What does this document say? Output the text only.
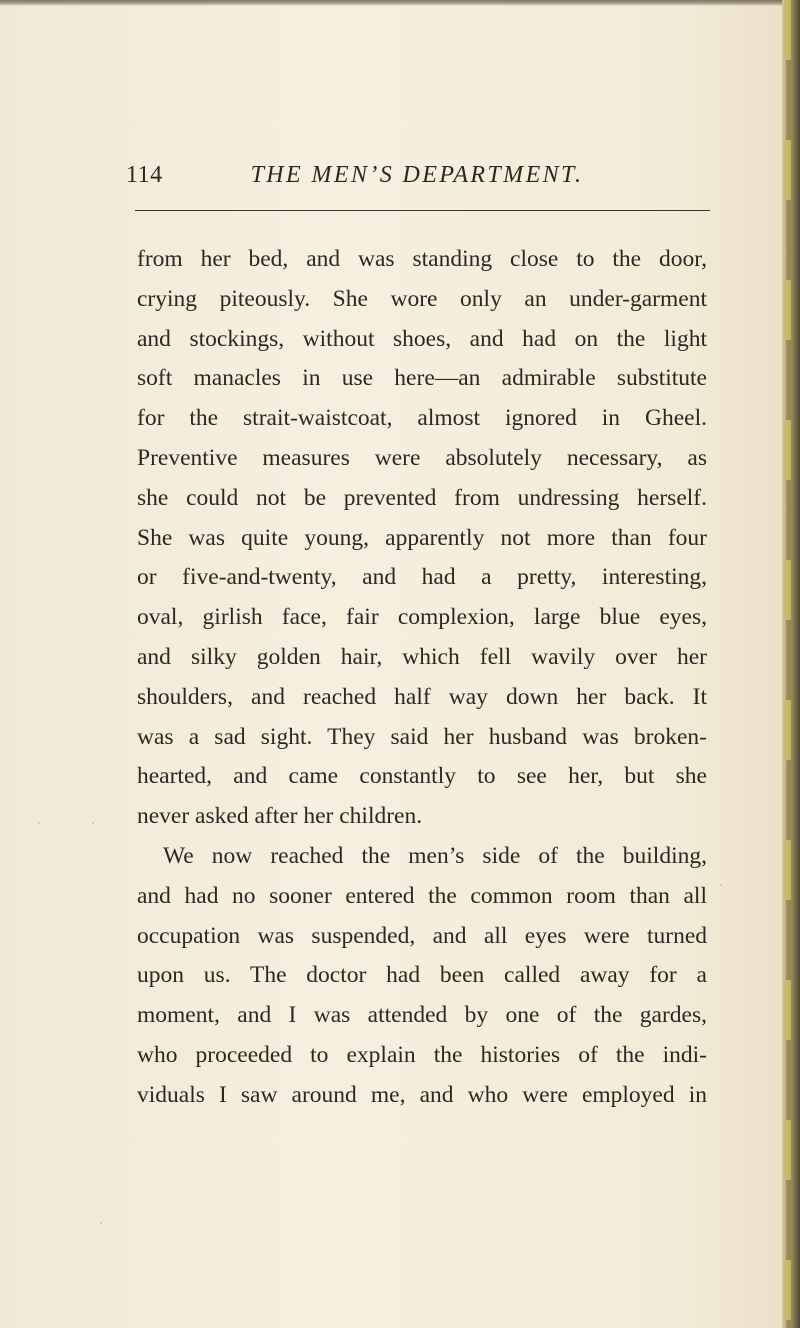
114	THE MEN’S DEPARTMENT.
from her bed, and was standing close to the door,
crying piteously. She wore only an under-garment
and stockings, without shoes, and had on the light
soft manacles in use here—an admirable substitute
for the strait-waistcoat, almost ignored in Gheel.
Preventive measures were absolutely necessary, as
she could not be prevented from undressing herself.
She was quite young, apparently not more than four
or five-and-twenty, and had a pretty, interesting,
oval, girlish face, fair complexion, large blue eyes,
and silky golden hair, which fell wavily over her
shoulders, and reached half way down her back. It
was a sad sight. They said her husband was broken-
hearted, and came constantly to see her, but she
never asked after her children.
We now reached the men’s side of the building,
and had no sooner entered the common room than all
occupation was suspended, and all eyes were turned
upon us. The doctor had been called away for a
moment, and I was attended by one of the gardes,
who proceeded to explain the histories of the indi-
viduals I saw around me, and who were employed in
